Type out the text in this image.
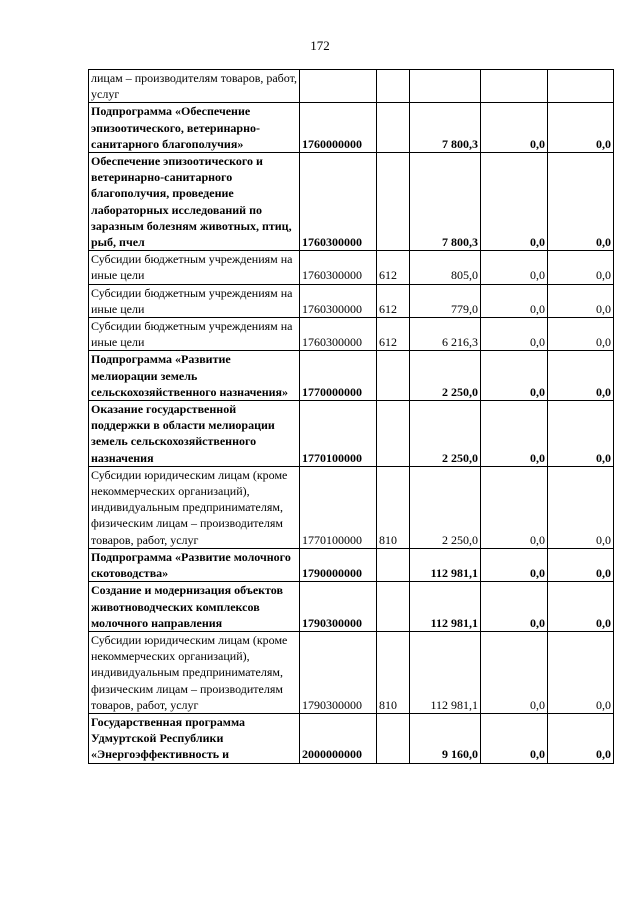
172
лицам – производителям товаров, работ, услуг					
Подпрограмма «Обеспечение эпизоотического, ветеринарно-санитарного благополучия»	1760000000		7 800,3	0,0	0,0
Обеспечение эпизоотического и ветеринарно-санитарного благополучия, проведение лабораторных исследований по заразным болезням животных, птиц, рыб, пчел	1760300000		7 800,3	0,0	0,0
Субсидии бюджетным учреждениям на иные цели	1760300000	612	805,0	0,0	0,0
Субсидии бюджетным учреждениям на иные цели	1760300000	612	779,0	0,0	0,0
Субсидии бюджетным учреждениям на иные цели	1760300000	612	6 216,3	0,0	0,0
Подпрограмма «Развитие мелиорации земель сельскохозяйственного назначения»	1770000000		2 250,0	0,0	0,0
Оказание государственной поддержки в области мелиорации земель сельскохозяйственного назначения	1770100000		2 250,0	0,0	0,0
Субсидии юридическим лицам (кроме некоммерческих организаций), индивидуальным предпринимателям, физическим лицам – производителям товаров, работ, услуг	1770100000	810	2 250,0	0,0	0,0
Подпрограмма «Развитие молочного скотоводства»	1790000000		112 981,1	0,0	0,0
Создание и модернизация объектов животноводческих комплексов молочного направления	1790300000		112 981,1	0,0	0,0
Субсидии юридическим лицам (кроме некоммерческих организаций), индивидуальным предпринимателям, физическим лицам – производителям товаров, работ, услуг	1790300000	810	112 981,1	0,0	0,0
Государственная программа Удмуртской Республики «Энергоэффективность и	2000000000		9 160,0	0,0	0,0
